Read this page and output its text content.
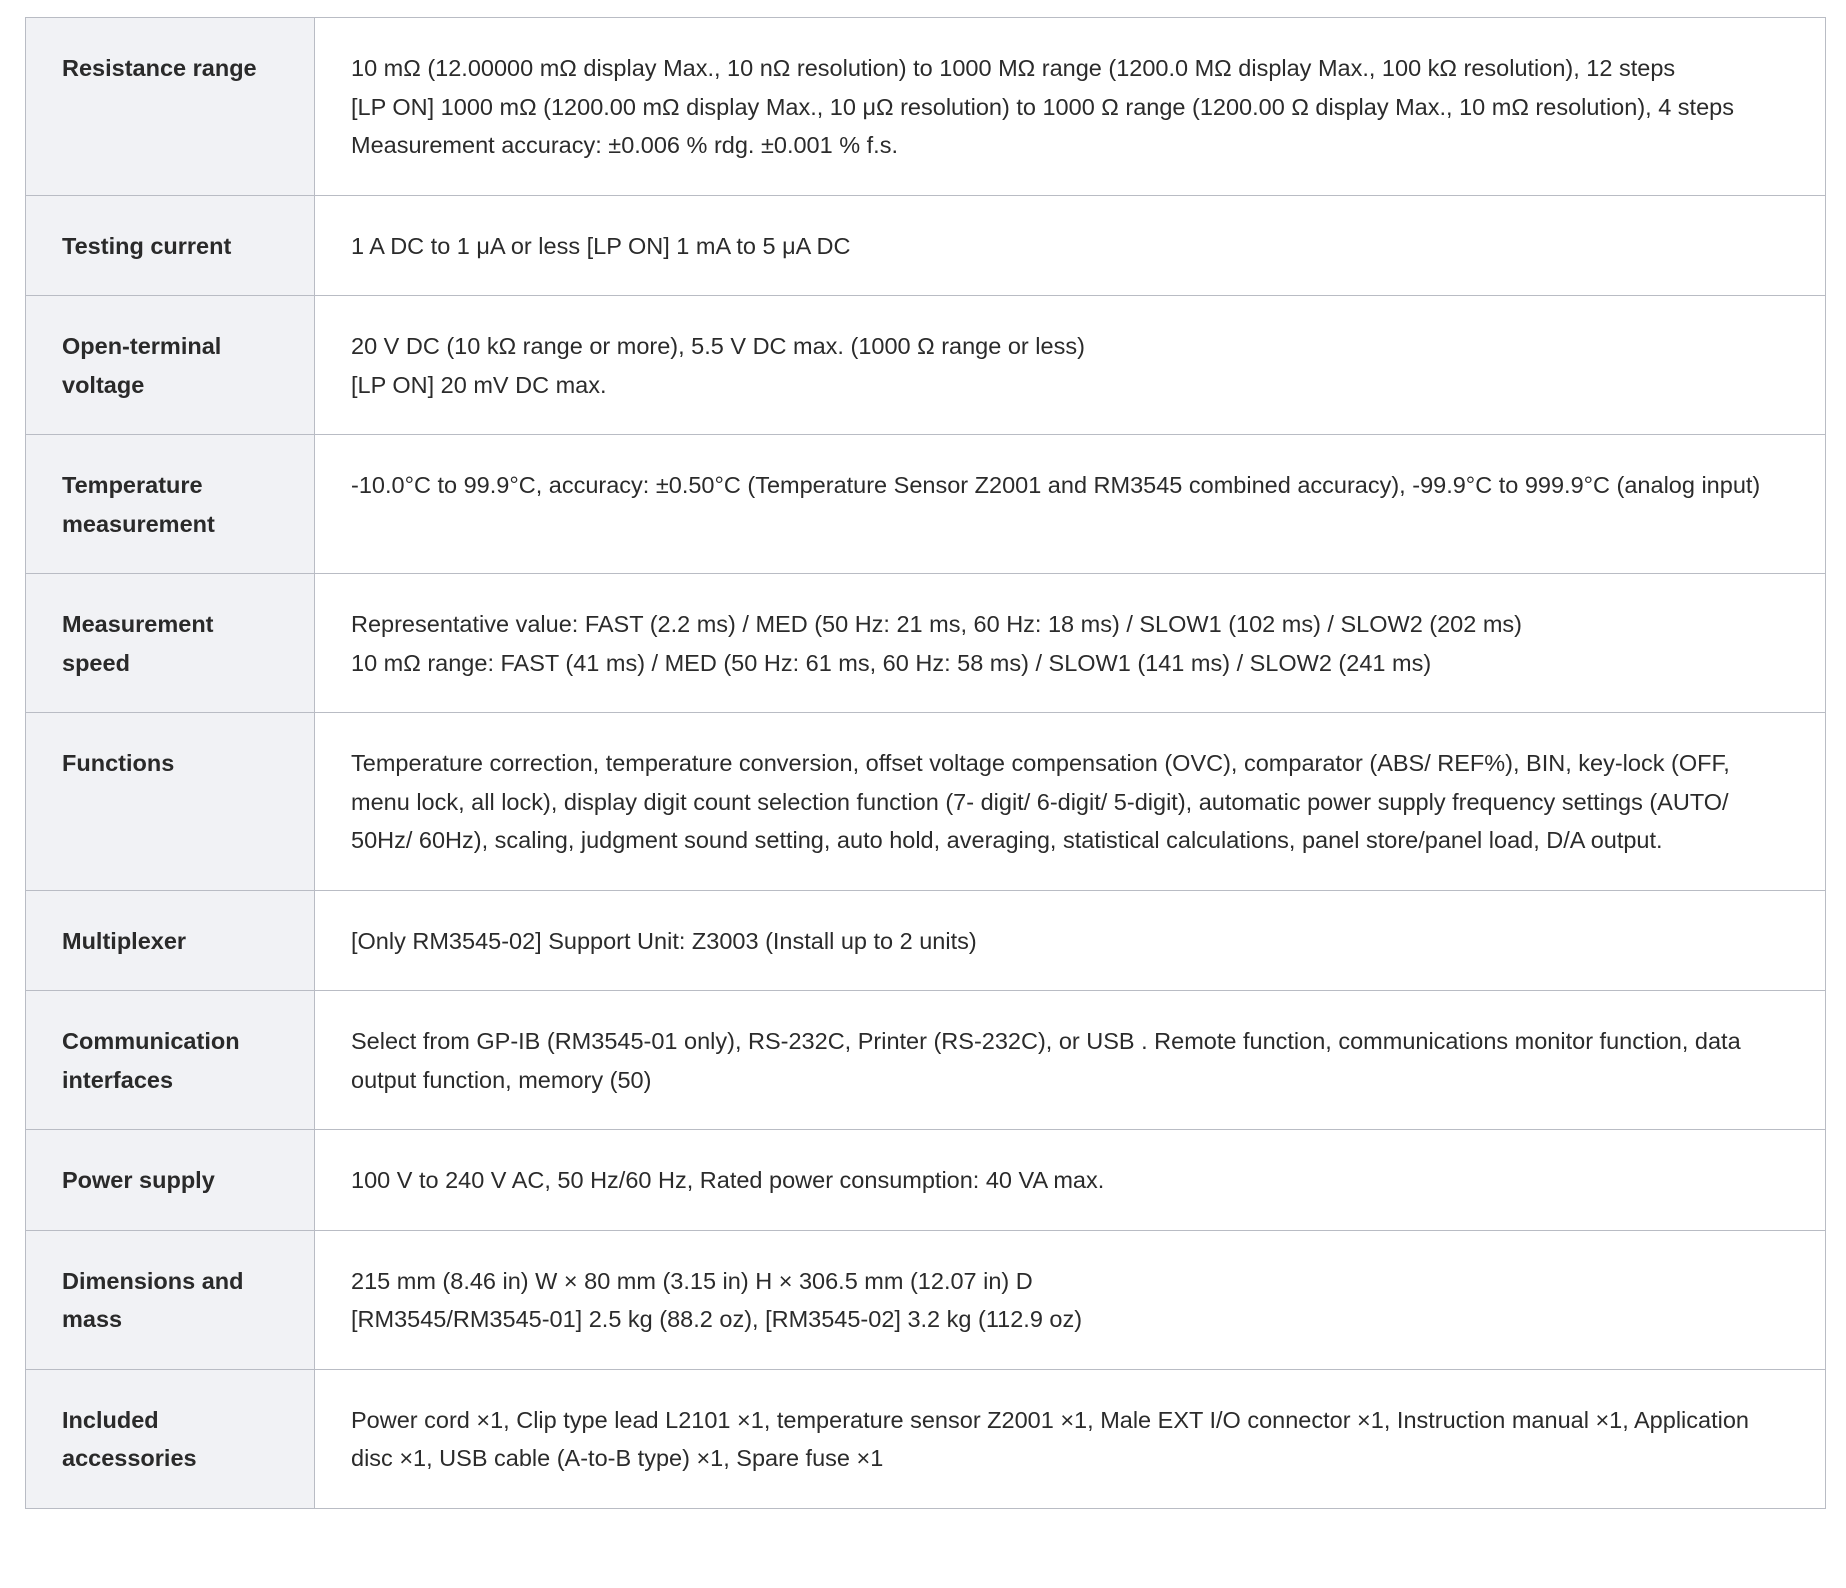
Resistance range	10 mΩ (12.00000 mΩ display Max., 10 nΩ resolution) to 1000 MΩ range (1200.0 MΩ display Max., 100 kΩ resolution), 12 steps
[LP ON] 1000 mΩ (1200.00 mΩ display Max., 10 μΩ resolution) to 1000 Ω range (1200.00 Ω display Max., 10 mΩ resolution), 4 steps
Measurement accuracy: ±0.006 % rdg. ±0.001 % f.s.

Testing current	1 A DC to 1 μA or less [LP ON] 1 mA to 5 μA DC

Open-terminal voltage	20 V DC (10 kΩ range or more), 5.5 V DC max. (1000 Ω range or less)
[LP ON] 20 mV DC max.

Temperature measurement	-10.0°C to 99.9°C, accuracy: ±0.50°C (Temperature Sensor Z2001 and RM3545 combined accuracy), -99.9°C to 999.9°C (analog input)

Measurement speed	Representative value: FAST (2.2 ms) / MED (50 Hz: 21 ms, 60 Hz: 18 ms) / SLOW1 (102 ms) / SLOW2 (202 ms)
10 mΩ range: FAST (41 ms) / MED (50 Hz: 61 ms, 60 Hz: 58 ms) / SLOW1 (141 ms) / SLOW2 (241 ms)

Functions	Temperature correction, temperature conversion, offset voltage compensation (OVC), comparator (ABS/ REF%), BIN, key-lock (OFF, menu lock, all lock), display digit count selection function (7- digit/ 6-digit/ 5-digit), automatic power supply frequency settings (AUTO/ 50Hz/ 60Hz), scaling, judgment sound setting, auto hold, averaging, statistical calculations, panel store/panel load, D/A output.

Multiplexer	[Only RM3545-02] Support Unit: Z3003 (Install up to 2 units)

Communication interfaces	Select from GP-IB (RM3545-01 only), RS-232C, Printer (RS-232C), or USB . Remote function, communications monitor function, data output function, memory (50)

Power supply	100 V to 240 V AC, 50 Hz/60 Hz, Rated power consumption: 40 VA max.

Dimensions and mass	215 mm (8.46 in) W × 80 mm (3.15 in) H × 306.5 mm (12.07 in) D
[RM3545/RM3545-01] 2.5 kg (88.2 oz), [RM3545-02] 3.2 kg (112.9 oz)

Included accessories	Power cord ×1, Clip type lead L2101 ×1, temperature sensor Z2001 ×1, Male EXT I/O connector ×1, Instruction manual ×1, Application disc ×1, USB cable (A-to-B type) ×1, Spare fuse ×1
